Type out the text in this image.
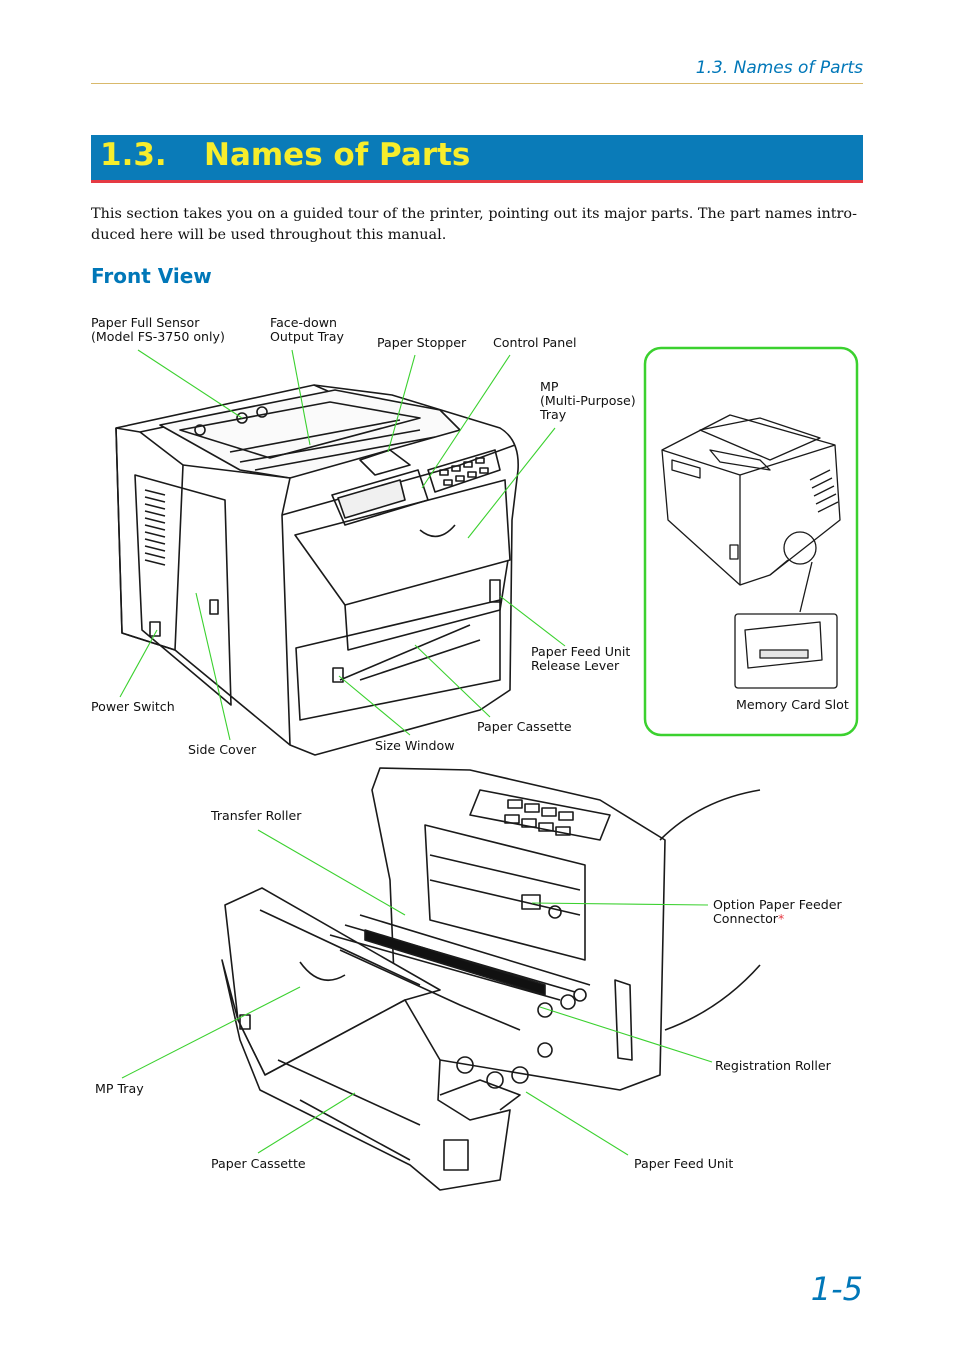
1.3. Names of Parts
1.3. Names of Parts
This section takes you on a guided tour of the printer, pointing out its major parts. The part names intro-
duced here will be used throughout this manual.
Front View
Paper Full Sensor
(Model FS-3750 only)
Face-down
Output Tray	Paper Stopper Control Panel
MP
(Multi-Purpose)
Tray
Paper Feed Unit
Release Lever
Power Switch
Side Cover	Size Window
Paper Cassette
Memory Card Slot
Transfer Roller
Option Paper Feeder
Connector*
Registration Roller
MP Tray
Paper Cassette	Paper Feed Unit
1-5
